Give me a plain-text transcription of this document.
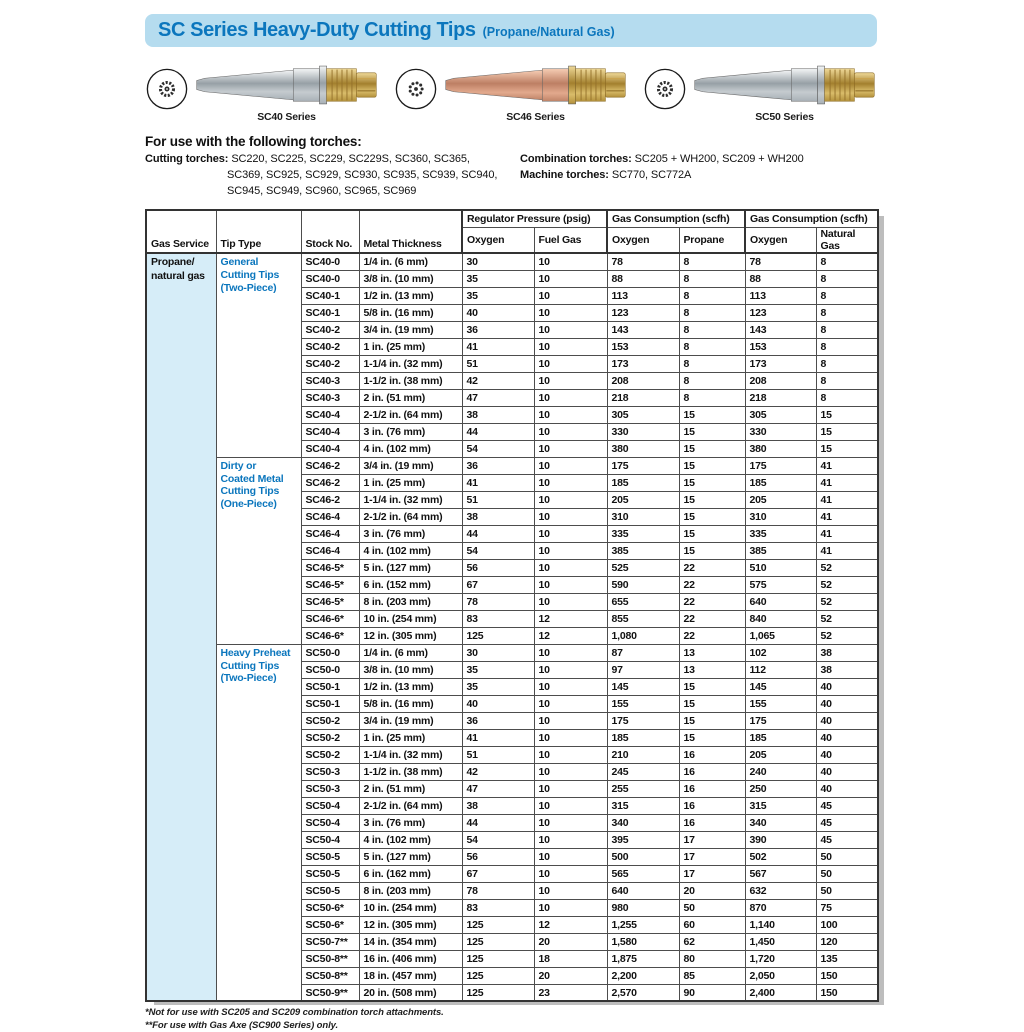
SC Series Heavy-Duty Cutting Tips (Propane/Natural Gas)
SC40 Series	SC46 Series	SC50 Series
For use with the following torches:
Cutting torches: SC220, SC225, SC229, SC229S, SC360, SC365, SC369, SC925, SC929, SC930, SC935, SC939, SC940, SC945, SC949, SC960, SC965, SC969
Combination torches: SC205 + WH200, SC209 + WH200
Machine torches: SC770, SC772A
Gas Service	Tip Type	Stock No.	Metal Thickness	Regulator Pressure (psig)		Gas Consumption (scfh)		Gas Consumption (scfh)	
				Oxygen	Fuel Gas	Oxygen	Propane	Oxygen	Natural Gas
Propane/
natural gas	General
Cutting Tips
(Two-Piece)	SC40-0	1/4 in. (6 mm)	30	10	78	8	78	8
		SC40-0	3/8 in. (10 mm)	35	10	88	8	88	8
		SC40-1	1/2 in. (13 mm)	35	10	113	8	113	8
		SC40-1	5/8 in. (16 mm)	40	10	123	8	123	8
		SC40-2	3/4 in. (19 mm)	36	10	143	8	143	8
		SC40-2	1 in. (25 mm)	41	10	153	8	153	8
		SC40-2	1-1/4 in. (32 mm)	51	10	173	8	173	8
		SC40-3	1-1/2 in. (38 mm)	42	10	208	8	208	8
		SC40-3	2 in. (51 mm)	47	10	218	8	218	8
		SC40-4	2-1/2 in. (64 mm)	38	10	305	15	305	15
		SC40-4	3 in. (76 mm)	44	10	330	15	330	15
		SC40-4	4 in. (102 mm)	54	10	380	15	380	15
	Dirty or
Coated Metal
Cutting Tips
(One-Piece)	SC46-2	3/4 in. (19 mm)	36	10	175	15	175	41
		SC46-2	1 in. (25 mm)	41	10	185	15	185	41
		SC46-2	1-1/4 in. (32 mm)	51	10	205	15	205	41
		SC46-4	2-1/2 in. (64 mm)	38	10	310	15	310	41
		SC46-4	3 in. (76 mm)	44	10	335	15	335	41
		SC46-4	4 in. (102 mm)	54	10	385	15	385	41
		SC46-5*	5 in. (127 mm)	56	10	525	22	510	52
		SC46-5*	6 in. (152 mm)	67	10	590	22	575	52
		SC46-5*	8 in. (203 mm)	78	10	655	22	640	52
		SC46-6*	10 in. (254 mm)	83	12	855	22	840	52
		SC46-6*	12 in. (305 mm)	125	12	1,080	22	1,065	52
	Heavy Preheat
Cutting Tips
(Two-Piece)	SC50-0	1/4 in. (6 mm)	30	10	87	13	102	38
		SC50-0	3/8 in. (10 mm)	35	10	97	13	112	38
		SC50-1	1/2 in. (13 mm)	35	10	145	15	145	40
		SC50-1	5/8 in. (16 mm)	40	10	155	15	155	40
		SC50-2	3/4 in. (19 mm)	36	10	175	15	175	40
		SC50-2	1 in. (25 mm)	41	10	185	15	185	40
		SC50-2	1-1/4 in. (32 mm)	51	10	210	16	205	40
		SC50-3	1-1/2 in. (38 mm)	42	10	245	16	240	40
		SC50-3	2 in. (51 mm)	47	10	255	16	250	40
		SC50-4	2-1/2 in. (64 mm)	38	10	315	16	315	45
		SC50-4	3 in. (76 mm)	44	10	340	16	340	45
		SC50-4	4 in. (102 mm)	54	10	395	17	390	45
		SC50-5	5 in. (127 mm)	56	10	500	17	502	50
		SC50-5	6 in. (162 mm)	67	10	565	17	567	50
		SC50-5	8 in. (203 mm)	78	10	640	20	632	50
		SC50-6*	10 in. (254 mm)	83	10	980	50	870	75
		SC50-6*	12 in. (305 mm)	125	12	1,255	60	1,140	100
		SC50-7**	14 in. (354 mm)	125	20	1,580	62	1,450	120
		SC50-8**	16 in. (406 mm)	125	18	1,875	80	1,720	135
		SC50-8**	18 in. (457 mm)	125	20	2,200	85	2,050	150
		SC50-9**	20 in. (508 mm)	125	23	2,570	90	2,400	150
*Not for use with SC205 and SC209 combination torch attachments.
**For use with Gas Axe (SC900 Series) only.
